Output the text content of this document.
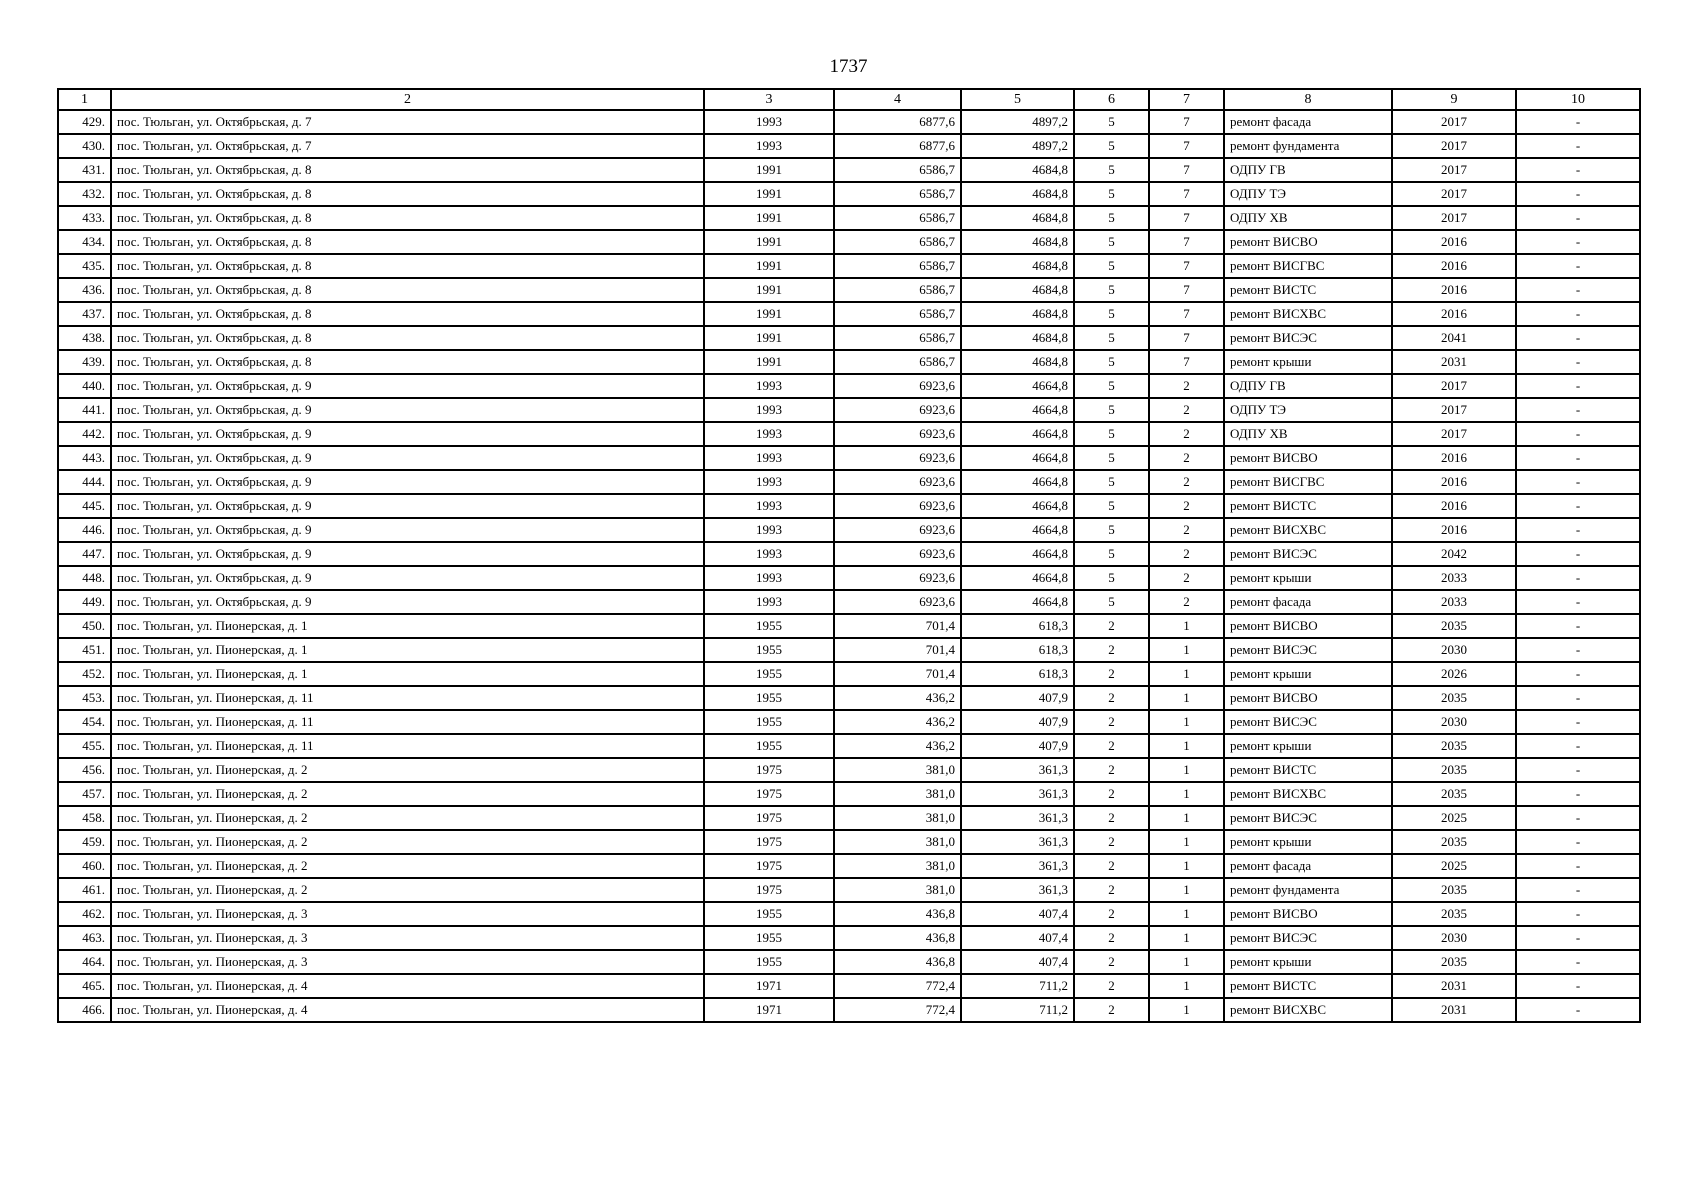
1737
1	2	3	4	5	6	7	8	9	10
429.	пос. Тюльган, ул. Октябрьская, д. 7	1993	6877,6	4897,2	5	7	ремонт фасада	2017	-
430.	пос. Тюльган, ул. Октябрьская, д. 7	1993	6877,6	4897,2	5	7	ремонт фундамента	2017	-
431.	пос. Тюльган, ул. Октябрьская, д. 8	1991	6586,7	4684,8	5	7	ОДПУ ГВ	2017	-
432.	пос. Тюльган, ул. Октябрьская, д. 8	1991	6586,7	4684,8	5	7	ОДПУ ТЭ	2017	-
433.	пос. Тюльган, ул. Октябрьская, д. 8	1991	6586,7	4684,8	5	7	ОДПУ ХВ	2017	-
434.	пос. Тюльган, ул. Октябрьская, д. 8	1991	6586,7	4684,8	5	7	ремонт ВИСВО	2016	-
435.	пос. Тюльган, ул. Октябрьская, д. 8	1991	6586,7	4684,8	5	7	ремонт ВИСГВС	2016	-
436.	пос. Тюльган, ул. Октябрьская, д. 8	1991	6586,7	4684,8	5	7	ремонт ВИСТС	2016	-
437.	пос. Тюльган, ул. Октябрьская, д. 8	1991	6586,7	4684,8	5	7	ремонт ВИСХВС	2016	-
438.	пос. Тюльган, ул. Октябрьская, д. 8	1991	6586,7	4684,8	5	7	ремонт ВИСЭС	2041	-
439.	пос. Тюльган, ул. Октябрьская, д. 8	1991	6586,7	4684,8	5	7	ремонт крыши	2031	-
440.	пос. Тюльган, ул. Октябрьская, д. 9	1993	6923,6	4664,8	5	2	ОДПУ ГВ	2017	-
441.	пос. Тюльган, ул. Октябрьская, д. 9	1993	6923,6	4664,8	5	2	ОДПУ ТЭ	2017	-
442.	пос. Тюльган, ул. Октябрьская, д. 9	1993	6923,6	4664,8	5	2	ОДПУ ХВ	2017	-
443.	пос. Тюльган, ул. Октябрьская, д. 9	1993	6923,6	4664,8	5	2	ремонт ВИСВО	2016	-
444.	пос. Тюльган, ул. Октябрьская, д. 9	1993	6923,6	4664,8	5	2	ремонт ВИСГВС	2016	-
445.	пос. Тюльган, ул. Октябрьская, д. 9	1993	6923,6	4664,8	5	2	ремонт ВИСТС	2016	-
446.	пос. Тюльган, ул. Октябрьская, д. 9	1993	6923,6	4664,8	5	2	ремонт ВИСХВС	2016	-
447.	пос. Тюльган, ул. Октябрьская, д. 9	1993	6923,6	4664,8	5	2	ремонт ВИСЭС	2042	-
448.	пос. Тюльган, ул. Октябрьская, д. 9	1993	6923,6	4664,8	5	2	ремонт крыши	2033	-
449.	пос. Тюльган, ул. Октябрьская, д. 9	1993	6923,6	4664,8	5	2	ремонт фасада	2033	-
450.	пос. Тюльган, ул. Пионерская, д. 1	1955	701,4	618,3	2	1	ремонт ВИСВО	2035	-
451.	пос. Тюльган, ул. Пионерская, д. 1	1955	701,4	618,3	2	1	ремонт ВИСЭС	2030	-
452.	пос. Тюльган, ул. Пионерская, д. 1	1955	701,4	618,3	2	1	ремонт крыши	2026	-
453.	пос. Тюльган, ул. Пионерская, д. 11	1955	436,2	407,9	2	1	ремонт ВИСВО	2035	-
454.	пос. Тюльган, ул. Пионерская, д. 11	1955	436,2	407,9	2	1	ремонт ВИСЭС	2030	-
455.	пос. Тюльган, ул. Пионерская, д. 11	1955	436,2	407,9	2	1	ремонт крыши	2035	-
456.	пос. Тюльган, ул. Пионерская, д. 2	1975	381,0	361,3	2	1	ремонт ВИСТС	2035	-
457.	пос. Тюльган, ул. Пионерская, д. 2	1975	381,0	361,3	2	1	ремонт ВИСХВС	2035	-
458.	пос. Тюльган, ул. Пионерская, д. 2	1975	381,0	361,3	2	1	ремонт ВИСЭС	2025	-
459.	пос. Тюльган, ул. Пионерская, д. 2	1975	381,0	361,3	2	1	ремонт крыши	2035	-
460.	пос. Тюльган, ул. Пионерская, д. 2	1975	381,0	361,3	2	1	ремонт фасада	2025	-
461.	пос. Тюльган, ул. Пионерская, д. 2	1975	381,0	361,3	2	1	ремонт фундамента	2035	-
462.	пос. Тюльган, ул. Пионерская, д. 3	1955	436,8	407,4	2	1	ремонт ВИСВО	2035	-
463.	пос. Тюльган, ул. Пионерская, д. 3	1955	436,8	407,4	2	1	ремонт ВИСЭС	2030	-
464.	пос. Тюльган, ул. Пионерская, д. 3	1955	436,8	407,4	2	1	ремонт крыши	2035	-
465.	пос. Тюльган, ул. Пионерская, д. 4	1971	772,4	711,2	2	1	ремонт ВИСТС	2031	-
466.	пос. Тюльган, ул. Пионерская, д. 4	1971	772,4	711,2	2	1	ремонт ВИСХВС	2031	-
